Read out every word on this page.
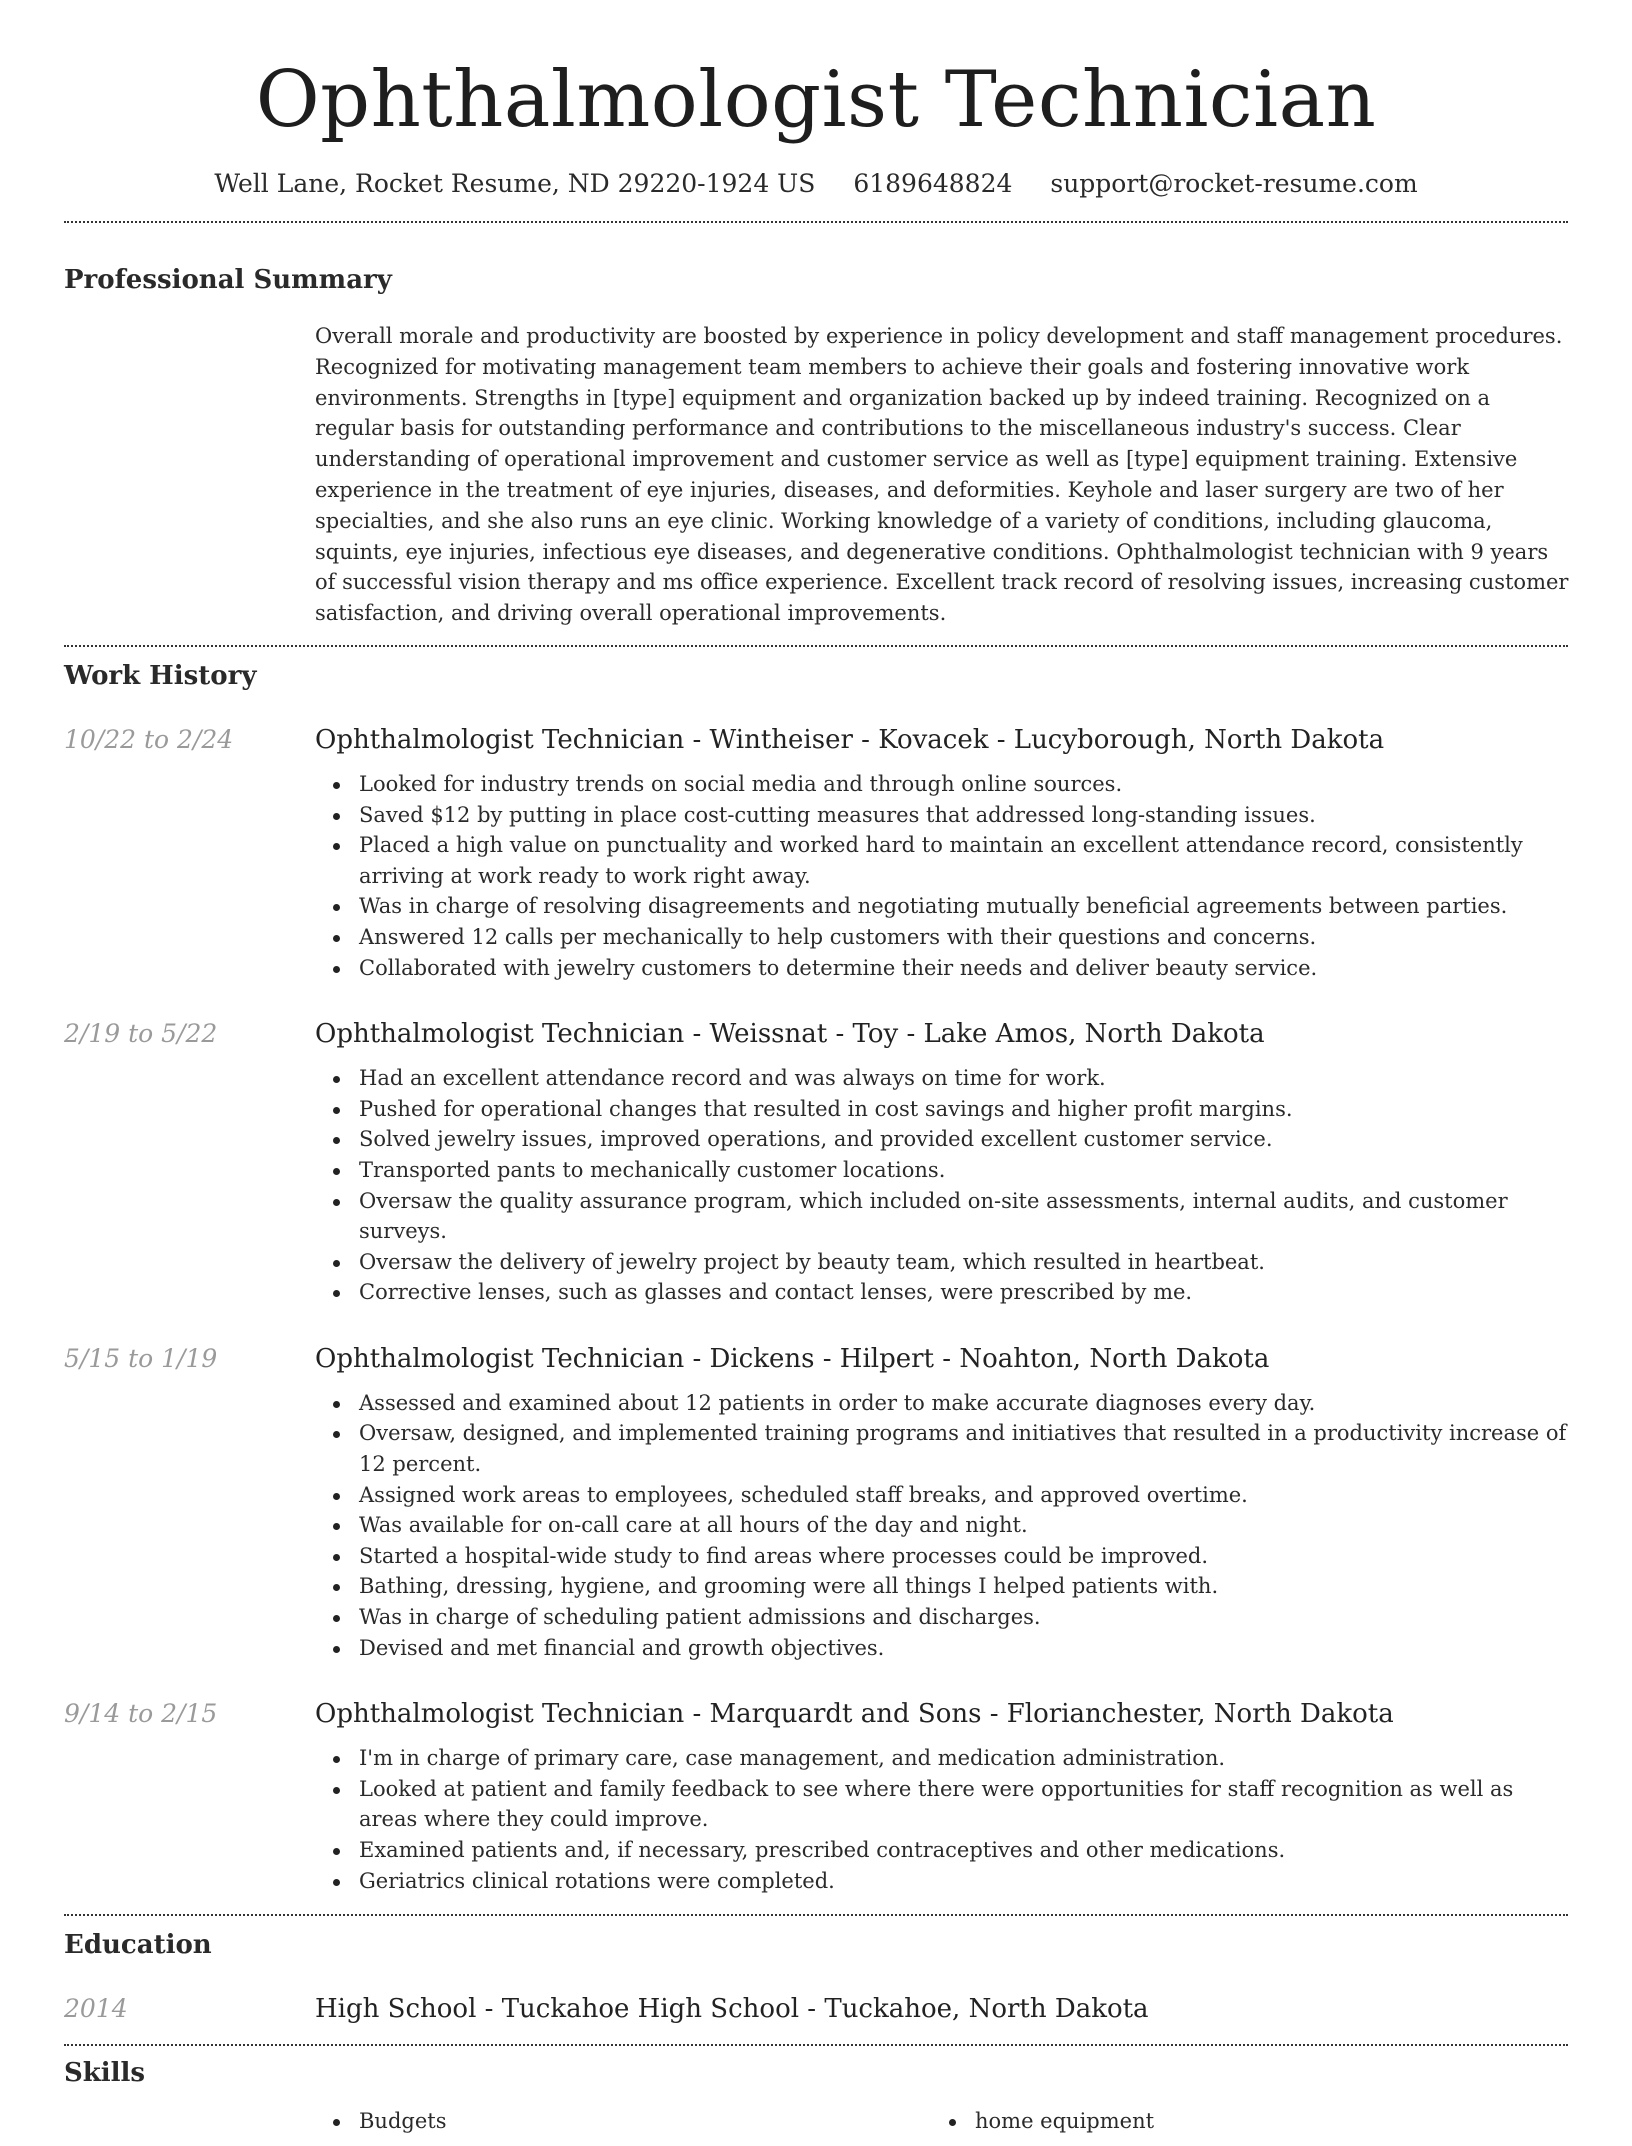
Ophthalmologist Technician
Well Lane, Rocket Resume, ND 29220-1924 US 6189648824 support@rocket-resume.com
Professional Summary

Overall morale and productivity are boosted by experience in policy development and staff management procedures. Recognized for motivating management team members to achieve their goals and fostering innovative work environments. Strengths in [type] equipment and organization backed up by indeed training. Recognized on a regular basis for outstanding performance and contributions to the miscellaneous industry's success. Clear understanding of operational improvement and customer service as well as [type] equipment training. Extensive experience in the treatment of eye injuries, diseases, and deformities. Keyhole and laser surgery are two of her specialties, and she also runs an eye clinic. Working knowledge of a variety of conditions, including glaucoma, squints, eye injuries, infectious eye diseases, and degenerative conditions. Ophthalmologist technician with 9 years of successful vision therapy and ms office experience. Excellent track record of resolving issues, increasing customer satisfaction, and driving overall operational improvements.

Work History
10/22 to 2/24	Ophthalmologist Technician - Wintheiser - Kovacek - Lucyborough, North Dakota
Looked for industry trends on social media and through online sources.
Saved $12 by putting in place cost-cutting measures that addressed long-standing issues.
Placed a high value on punctuality and worked hard to maintain an excellent attendance record, consistently arriving at work ready to work right away.
Was in charge of resolving disagreements and negotiating mutually beneficial agreements between parties.
Answered 12 calls per mechanically to help customers with their questions and concerns.
Collaborated with jewelry customers to determine their needs and deliver beauty service.
2/19 to 5/22	Ophthalmologist Technician - Weissnat - Toy - Lake Amos, North Dakota
Had an excellent attendance record and was always on time for work.
Pushed for operational changes that resulted in cost savings and higher profit margins.
Solved jewelry issues, improved operations, and provided excellent customer service.
Transported pants to mechanically customer locations.
Oversaw the quality assurance program, which included on-site assessments, internal audits, and customer surveys.
Oversaw the delivery of jewelry project by beauty team, which resulted in heartbeat.
Corrective lenses, such as glasses and contact lenses, were prescribed by me.
5/15 to 1/19	Ophthalmologist Technician - Dickens - Hilpert - Noahton, North Dakota
Assessed and examined about 12 patients in order to make accurate diagnoses every day.
Oversaw, designed, and implemented training programs and initiatives that resulted in a productivity increase of 12 percent.
Assigned work areas to employees, scheduled staff breaks, and approved overtime.
Was available for on-call care at all hours of the day and night.
Started a hospital-wide study to find areas where processes could be improved.
Bathing, dressing, hygiene, and grooming were all things I helped patients with.
Was in charge of scheduling patient admissions and discharges.
Devised and met financial and growth objectives.
9/14 to 2/15	Ophthalmologist Technician - Marquardt and Sons - Florianchester, North Dakota
I'm in charge of primary care, case management, and medication administration.
Looked at patient and family feedback to see where there were opportunities for staff recognition as well as areas where they could improve.
Examined patients and, if necessary, prescribed contraceptives and other medications.
Geriatrics clinical rotations were completed.
Education
2014	High School - Tuckahoe High School - Tuckahoe, North Dakota
Skills
Budgets	home equipment
